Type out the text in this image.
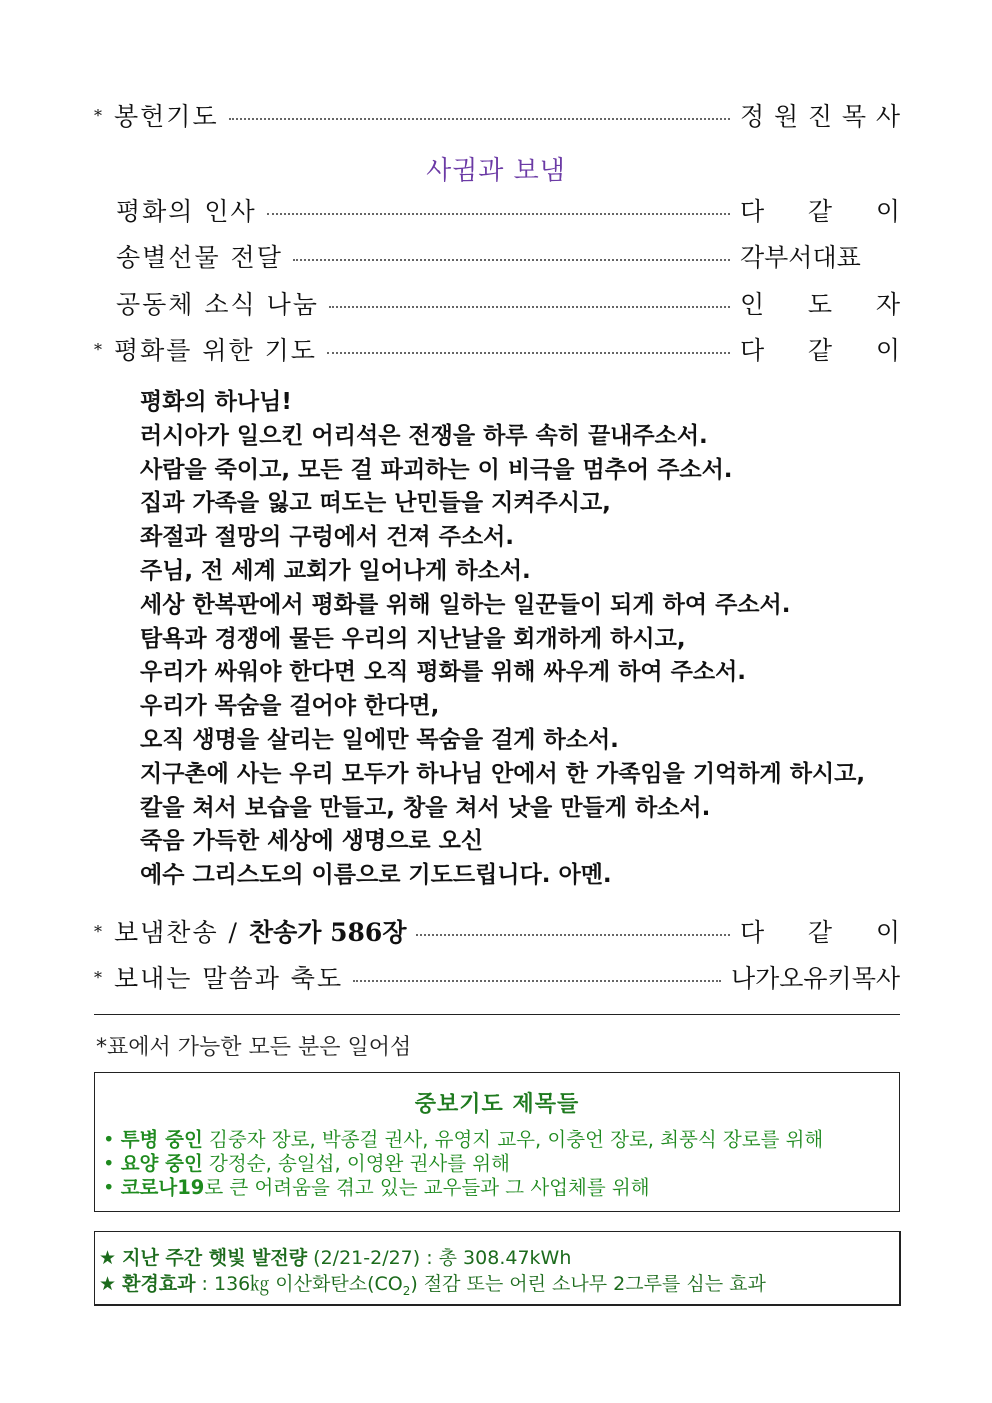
* 봉헌기도	정 원 진 목 사
사귐과 보냄
평화의 인사	다 같 이
송별선물 전달	각부서대표
공동체 소식 나눔	인 도 자
* 평화를 위한 기도	다 같 이
평화의 하나님!
러시아가 일으킨 어리석은 전쟁을 하루 속히 끝내주소서.
사람을 죽이고, 모든 걸 파괴하는 이 비극을 멈추어 주소서.
집과 가족을 잃고 떠도는 난민들을 지켜주시고,
좌절과 절망의 구렁에서 건져 주소서.
주님, 전 세계 교회가 일어나게 하소서.
세상 한복판에서 평화를 위해 일하는 일꾼들이 되게 하여 주소서.
탐욕과 경쟁에 물든 우리의 지난날을 회개하게 하시고,
우리가 싸워야 한다면 오직 평화를 위해 싸우게 하여 주소서.
우리가 목숨을 걸어야 한다면,
오직 생명을 살리는 일에만 목숨을 걸게 하소서.
지구촌에 사는 우리 모두가 하나님 안에서 한 가족임을 기억하게 하시고,
칼을 쳐서 보습을 만들고, 창을 쳐서 낫을 만들게 하소서.
죽음 가득한 세상에 생명으로 오신
예수 그리스도의 이름으로 기도드립니다. 아멘.
* 보냄찬송 / 찬송가 586장	다 같 이
* 보내는 말씀과 축도	나가오유키목사
*표에서 가능한 모든 분은 일어섬
중보기도 제목들
• 투병 중인 김중자 장로, 박종걸 권사, 유영지 교우, 이충언 장로, 최풍식 장로를 위해
• 요양 중인 강정순, 송일섭, 이영완 권사를 위해
• 코로나19로 큰 어려움을 겪고 있는 교우들과 그 사업체를 위해
★ 지난 주간 햇빛 발전량 (2/21-2/27) : 총 308.47kWh
★ 환경효과 : 136㎏ 이산화탄소$(CO_2)$ 절감 또는 어린 소나무 2그루를 심는 효과
